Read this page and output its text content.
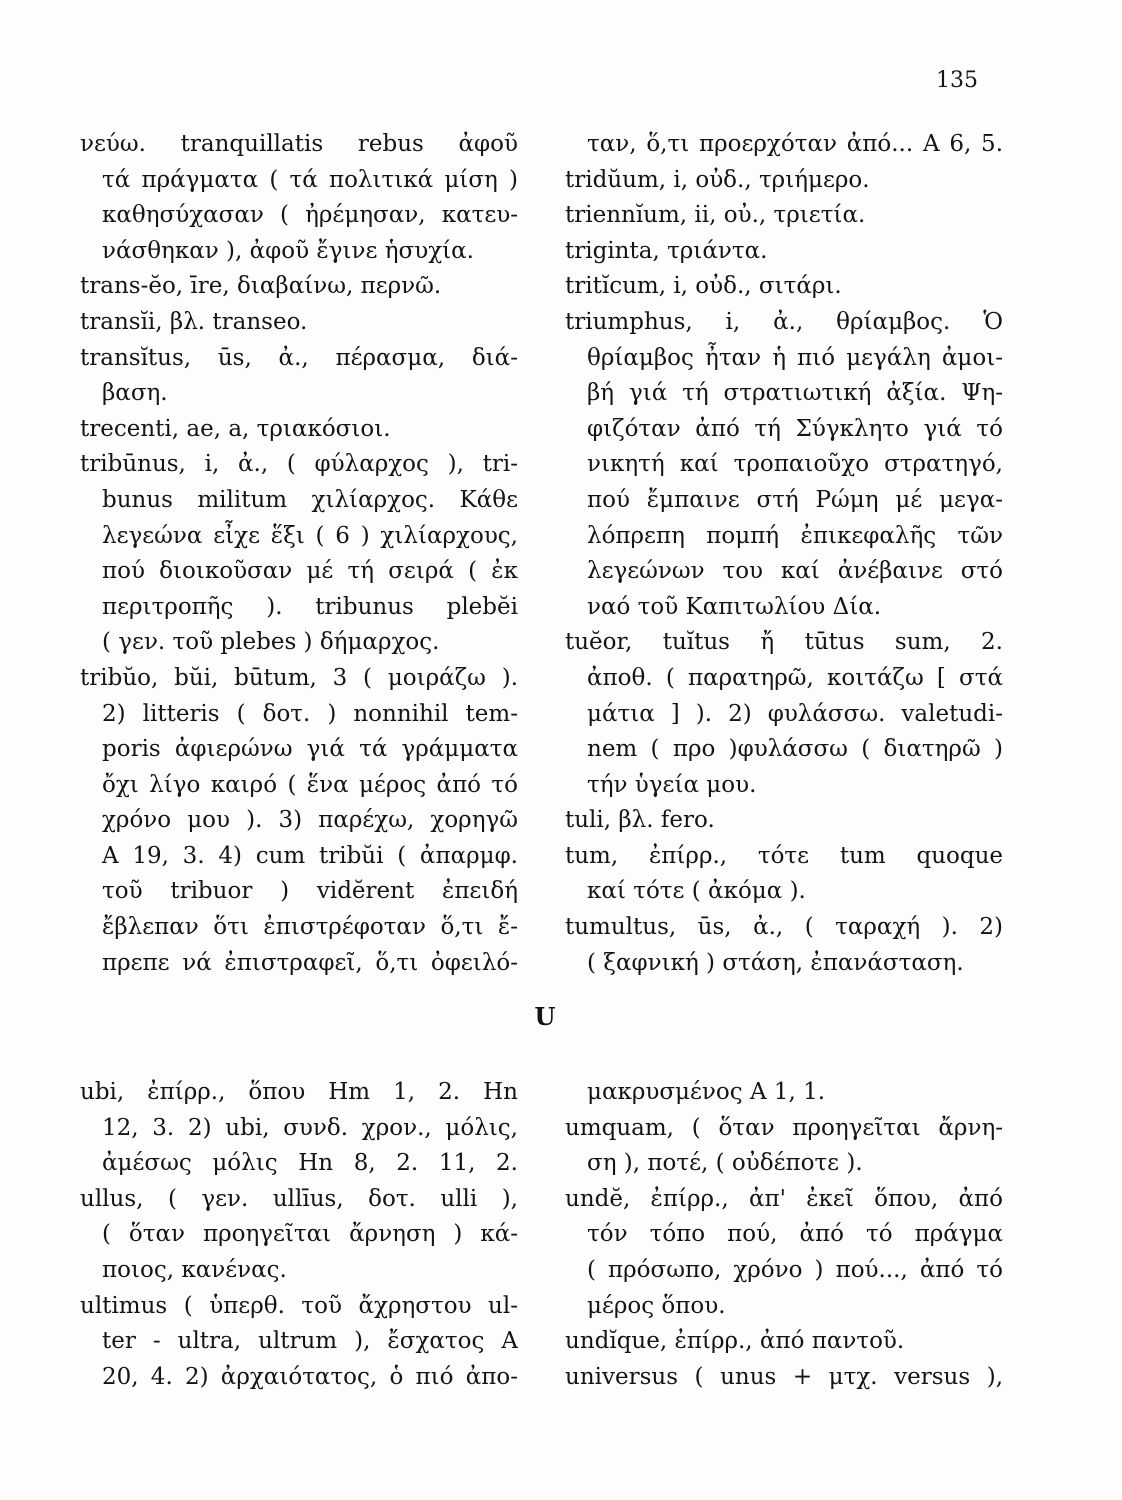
135
νεύω. tranquillatis rebus ἀφοῦ
τά πράγματα ( τά πολιτικά μίση )
καθησύχασαν ( ἠρέμησαν, κατευ-
νάσθηκαν ), ἀφοῦ ἔγινε ἡσυχία.
trans-ĕo, īre, διαβαίνω, περνῶ.
transĭi, βλ. transeo.
transĭtus, ūs, ἀ., πέρασμα, διά-
βαση.
trecenti, ae, a, τριακόσιοι.
tribūnus, i, ἀ., ( φύλαρχος ), tri-
bunus militum χιλίαρχος. Κάθε
λεγεώνα εἶχε ἕξι ( 6 ) χιλίαρχους,
πού διοικοῦσαν μέ τή σειρά ( ἐκ
περιτροπῆς ). tribunus plebĕi
( γεν. τοῦ plebes ) δήμαρχος.
tribŭo, bŭi, būtum, 3 ( μοιράζω ).
2) litteris ( δοτ. ) nonnihil tem-
poris ἀφιερώνω γιά τά γράμματα
ὄχι λίγο καιρό ( ἕνα μέρος ἀπό τό
χρόνο μου ). 3) παρέχω, χορηγῶ
A 19, 3. 4) cum tribŭi ( ἀπαρμφ.
τοῦ tribuor ) vidĕrent ἐπειδή
ἔβλεπαν ὅτι ἐπιστρέφοταν ὅ,τι ἔ-
πρεπε νά ἐπιστραφεῖ, ὅ,τι ὀφειλό-
ταν, ὅ,τι προερχόταν ἀπό... A 6, 5.
tridŭum, i, οὐδ., τριήμερο.
triennĭum, ii, οὐ., τριετία.
triginta, τριάντα.
tritĭcum, i, οὐδ., σιτάρι.
triumphus, i, ἀ., θρίαμβος. Ὁ
θρίαμβος ἦταν ἡ πιό μεγάλη ἀμοι-
βή γιά τή στρατιωτική ἀξία. Ψη-
φιζόταν ἀπό τή Σύγκλητο γιά τό
νικητή καί τροπαιοῦχο στρατηγό,
πού ἔμπαινε στή Ρώμη μέ μεγα-
λόπρεπη πομπή ἐπικεφαλῆς τῶν
λεγεώνων του καί ἀνέβαινε στό
ναό τοῦ Καπιτωλίου Δία.
tuĕor, tuĭtus ἤ tūtus sum, 2.
ἀποθ. ( παρατηρῶ, κοιτάζω [ στά
μάτια ] ). 2) φυλάσσω. valetudi-
nem ( προ )φυλάσσω ( διατηρῶ )
τήν ὑγεία μου.
tuli, βλ. fero.
tum, ἐπίρρ., τότε tum quoque
καί τότε ( ἀκόμα ).
tumultus, ūs, ἀ., ( ταραχή ). 2)
( ξαφνική ) στάση, ἐπανάσταση.
U
ubi, ἐπίρρ., ὅπου Hm 1, 2. Hn
12, 3. 2) ubi, συνδ. χρον., μόλις,
ἀμέσως μόλις Hn 8, 2. 11, 2.
ullus, ( γεν. ullīus, δοτ. ulli ),
( ὅταν προηγεῖται ἄρνηση ) κά-
ποιος, κανένας.
ultimus ( ὑπερθ. τοῦ ἄχρηστου ul-
ter - ultra, ultrum ), ἔσχατος A
20, 4. 2) ἀρχαιότατος, ὁ πιό ἀπο-
μακρυσμένος A 1, 1.
umquam, ( ὅταν προηγεῖται ἄρνη-
ση ), ποτέ, ( οὐδέποτε ).
undĕ, ἐπίρρ., ἀπ' ἐκεῖ ὅπου, ἀπό
τόν τόπο πού, ἀπό τό πράγμα
( πρόσωπο, χρόνο ) πού..., ἀπό τό
μέρος ὅπου.
undĭque, ἐπίρρ., ἀπό παντοῦ.
universus ( unus + μτχ. versus ),
